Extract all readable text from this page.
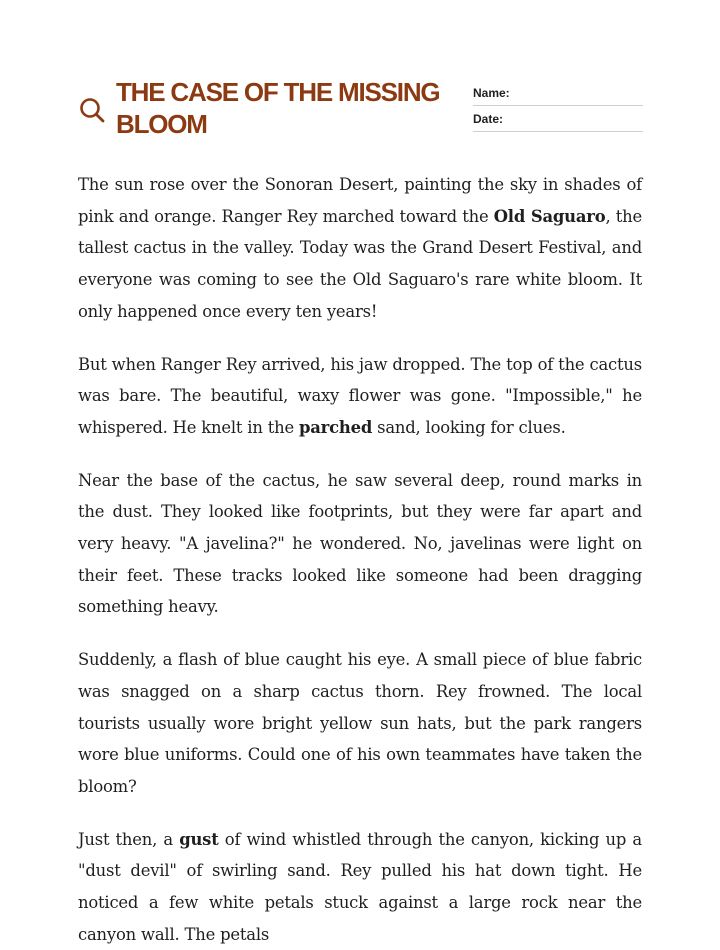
THE CASE OF THE MISSING BLOOM
Name:
Date:

The sun rose over the Sonoran Desert, painting the sky in shades of pink and orange. Ranger Rey marched toward the Old Saguaro, the tallest cactus in the valley. Today was the Grand Desert Festival, and everyone was coming to see the Old Saguaro's rare white bloom. It only happened once every ten years!

But when Ranger Rey arrived, his jaw dropped. The top of the cactus was bare. The beautiful, waxy flower was gone. "Impossible," he whispered. He knelt in the parched sand, looking for clues.

Near the base of the cactus, he saw several deep, round marks in the dust. They looked like footprints, but they were far apart and very heavy. "A javelina?" he wondered. No, javelinas were light on their feet. These tracks looked like someone had been dragging something heavy.

Suddenly, a flash of blue caught his eye. A small piece of blue fabric was snagged on a sharp cactus thorn. Rey frowned. The local tourists usually wore bright yellow sun hats, but the park rangers wore blue uniforms. Could one of his own teammates have taken the bloom?

Just then, a gust of wind whistled through the canyon, kicking up a "dust devil" of swirling sand. Rey pulled his hat down tight. He noticed a few white petals stuck against a large rock near the canyon wall. The petals
